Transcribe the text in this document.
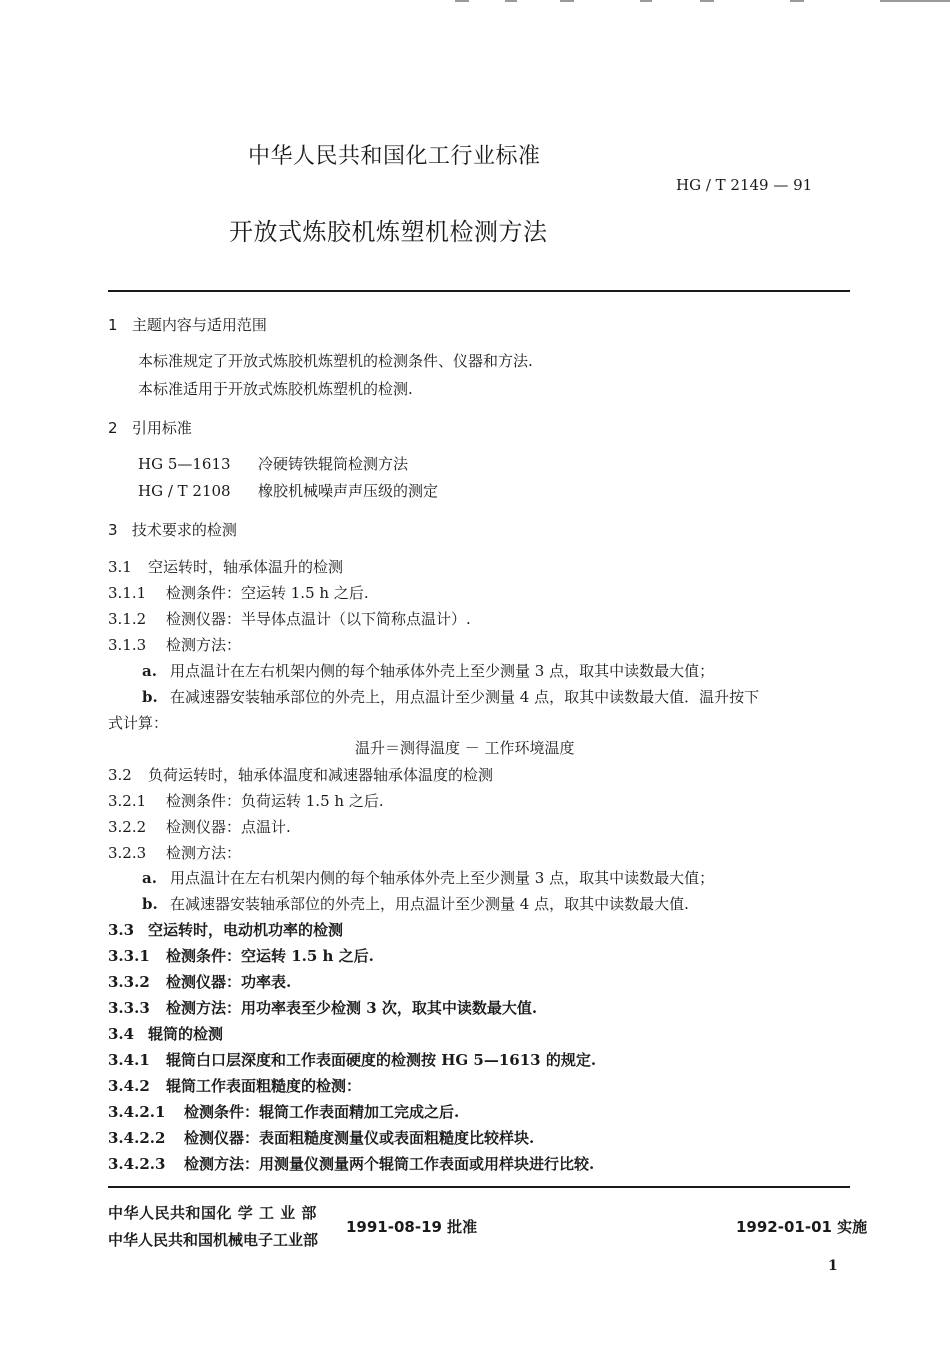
中华人民共和国化工行业标准
HG / T 2149 — 91
开放式炼胶机炼塑机检测方法
1 主题内容与适用范围
本标准规定了开放式炼胶机炼塑机的检测条件、仪器和方法.
本标准适用于开放式炼胶机炼塑机的检测.
2 引用标准
HG 5—1613 冷硬铸铁辊筒检测方法
HG / T 2108 橡胶机械噪声声压级的测定
3 技术要求的检测
3.1 空运转时，轴承体温升的检测
3.1.1 检测条件：空运转 1.5 h 之后.
3.1.2 检测仪器：半导体点温计（以下简称点温计）.
3.1.3 检测方法：
a. 用点温计在左右机架内侧的每个轴承体外壳上至少测量 3 点，取其中读数最大值；
b. 在减速器安装轴承部位的外壳上，用点温计至少测量 4 点，取其中读数最大值．温升按下
式计算：
温升＝测得温度 － 工作环境温度
3.2 负荷运转时，轴承体温度和减速器轴承体温度的检测
3.2.1 检测条件：负荷运转 1.5 h 之后.
3.2.2 检测仪器：点温计.
3.2.3 检测方法：
a. 用点温计在左右机架内侧的每个轴承体外壳上至少测量 3 点，取其中读数最大值；
b. 在减速器安装轴承部位的外壳上，用点温计至少测量 4 点，取其中读数最大值.
3.3 空运转时，电动机功率的检测
3.3.1 检测条件：空运转 1.5 h 之后.
3.3.2 检测仪器：功率表.
3.3.3 检测方法：用功率表至少检测 3 次，取其中读数最大值.
3.4 辊筒的检测
3.4.1 辊筒白口层深度和工作表面硬度的检测按 HG 5—1613 的规定.
3.4.2 辊筒工作表面粗糙度的检测：
3.4.2.1 检测条件：辊筒工作表面精加工完成之后.
3.4.2.2 检测仪器：表面粗糙度测量仪或表面粗糙度比较样块.
3.4.2.3 检测方法：用测量仪测量两个辊筒工作表面或用样块进行比较.
中华人民共和国化 学 工 业 部
中华人民共和国机械电子工业部
1991-08-19 批准	1992-01-01 实施
1
